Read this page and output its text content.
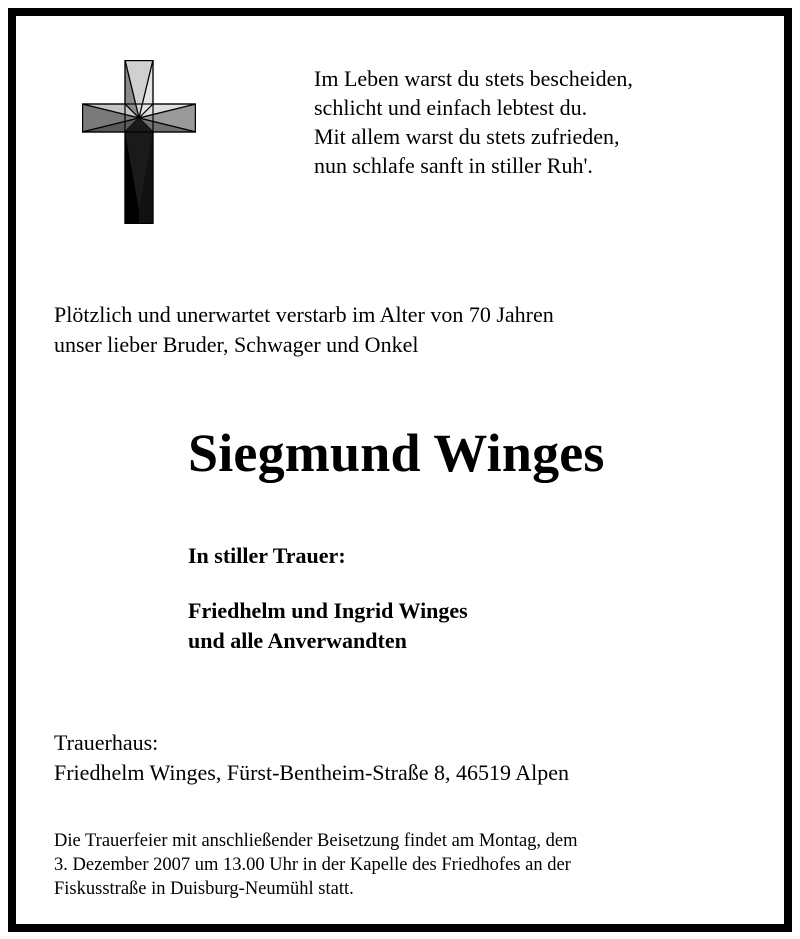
Im Leben warst du stets bescheiden,
schlicht und einfach lebtest du.
Mit allem warst du stets zufrieden,
nun schlafe sanft in stiller Ruh'.
Plötzlich und unerwartet verstarb im Alter von 70 Jahren
unser lieber Bruder, Schwager und Onkel
Siegmund Winges
In stiller Trauer:
Friedhelm und Ingrid Winges
und alle Anverwandten
Trauerhaus:
Friedhelm Winges, Fürst-Bentheim-Straße 8, 46519 Alpen
Die Trauerfeier mit anschließender Beisetzung findet am Montag, dem
3. Dezember 2007 um 13.00 Uhr in der Kapelle des Friedhofes an der
Fiskusstraße in Duisburg-Neumühl statt.
